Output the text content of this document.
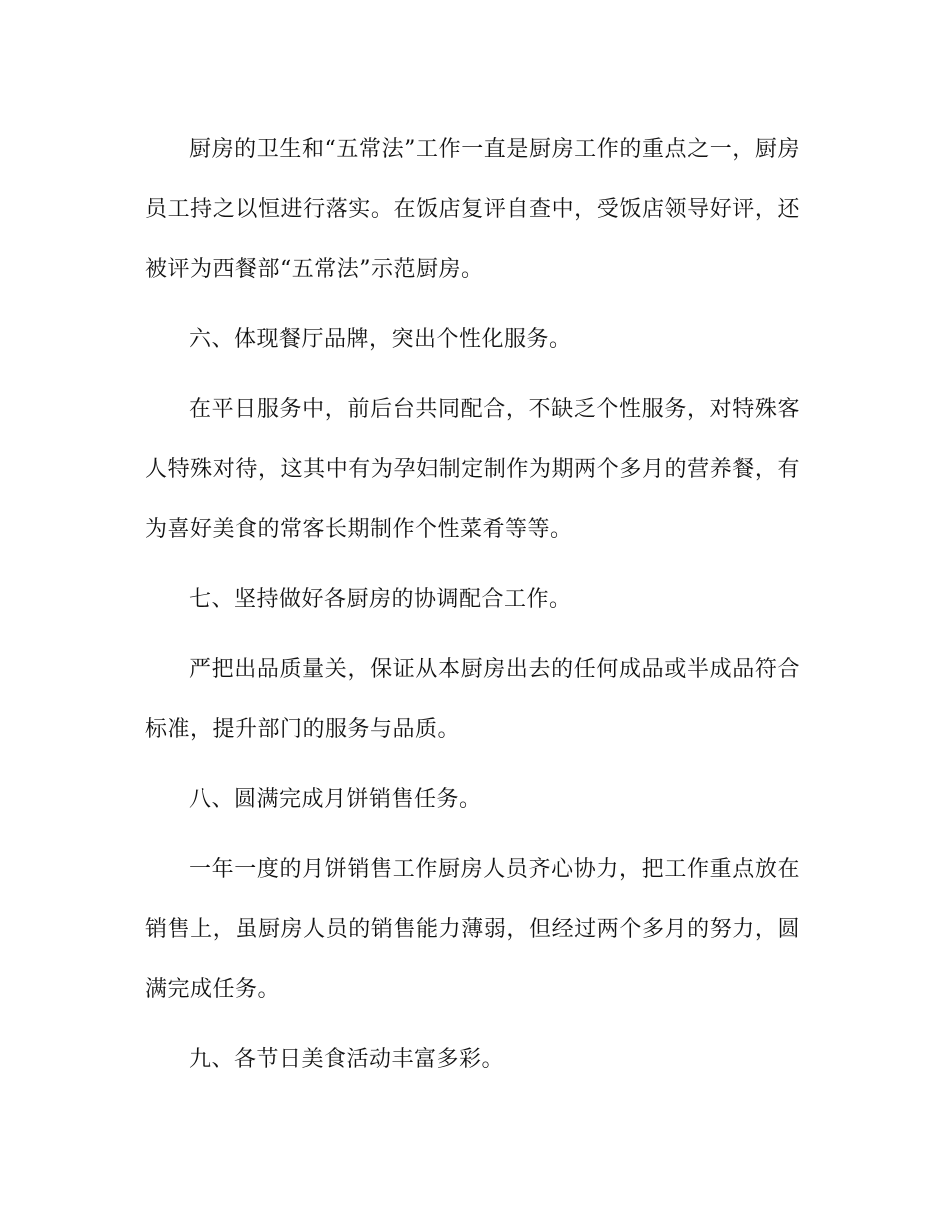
厨房的卫生和“五常法”工作一直是厨房工作的重点之一，厨房员工持之以恒进行落实。在饭店复评自查中，受饭店领导好评，还被评为西餐部“五常法”示范厨房。

六、体现餐厅品牌，突出个性化服务。

在平日服务中，前后台共同配合，不缺乏个性服务，对特殊客人特殊对待，这其中有为孕妇制定制作为期两个多月的营养餐，有为喜好美食的常客长期制作个性菜肴等等。

七、坚持做好各厨房的协调配合工作。

严把出品质量关，保证从本厨房出去的任何成品或半成品符合标准，提升部门的服务与品质。

八、圆满完成月饼销售任务。

一年一度的月饼销售工作厨房人员齐心协力，把工作重点放在销售上，虽厨房人员的销售能力薄弱，但经过两个多月的努力，圆满完成任务。

九、各节日美食活动丰富多彩。
